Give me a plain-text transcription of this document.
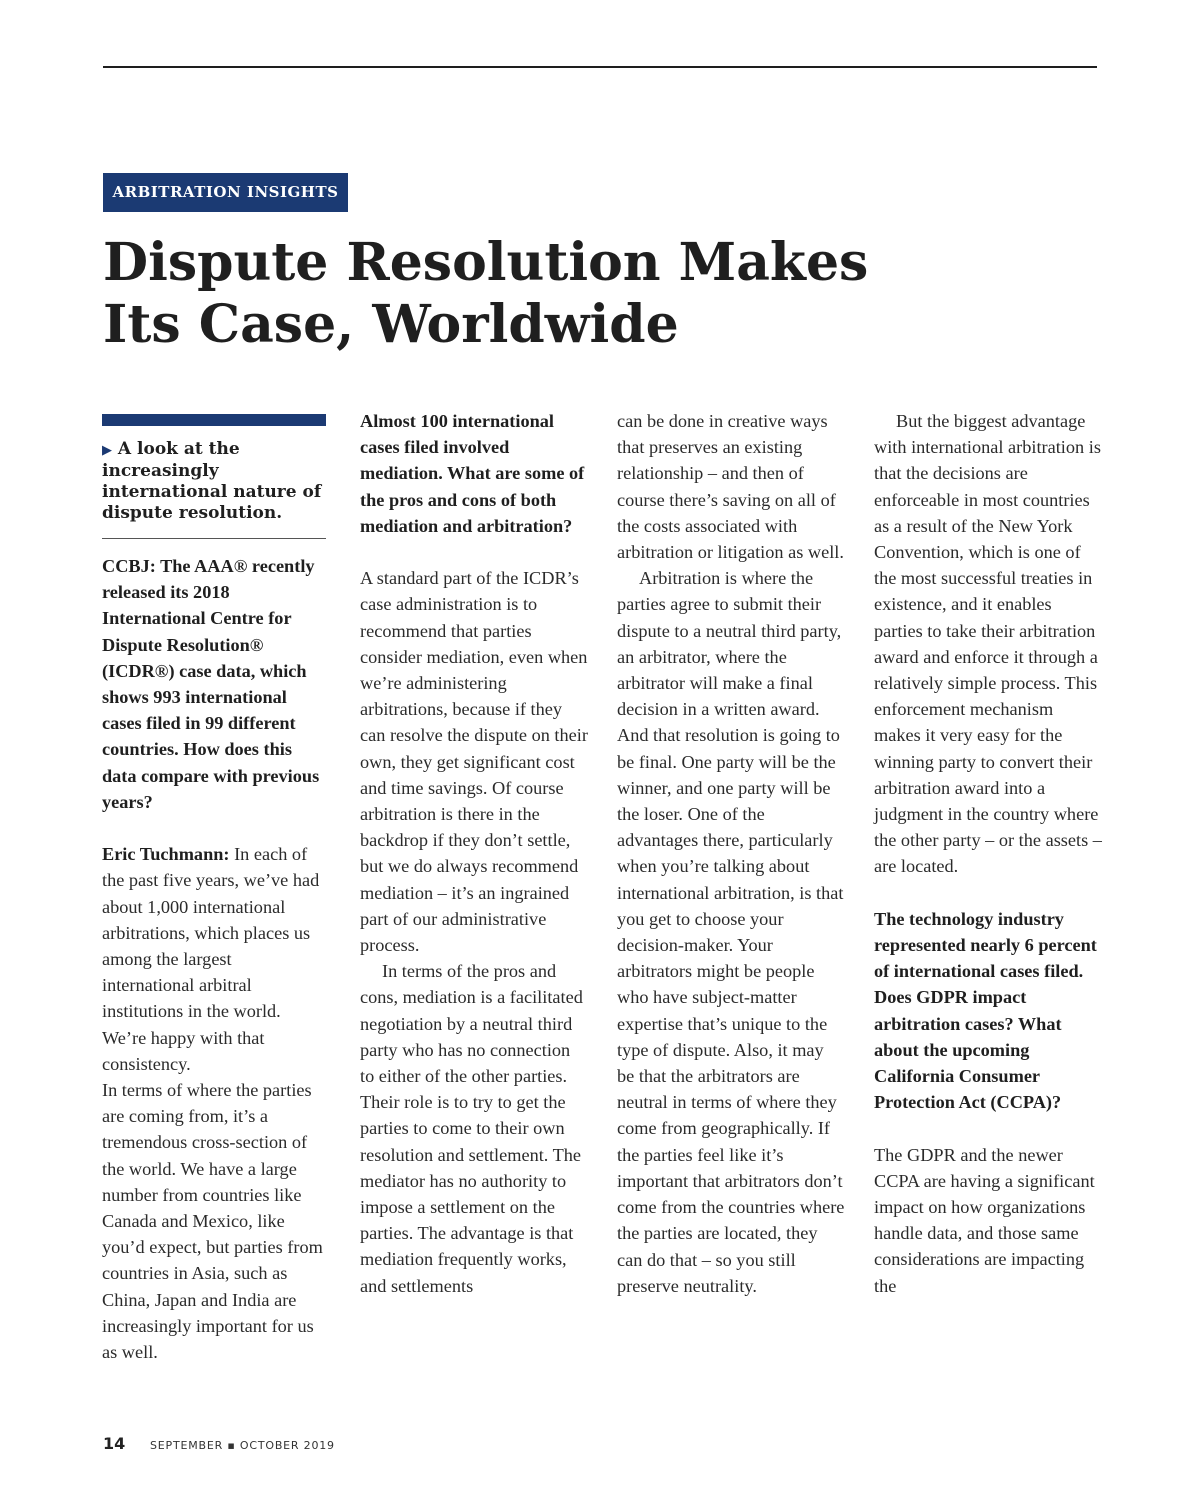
ARBITRATION INSIGHTS
Dispute Resolution Makes
Its Case, Worldwide
▶ A look at the increasingly international nature of dispute resolution.

CCBJ: The AAA® recently released its 2018 International Centre for Dispute Resolution® (ICDR®) case data, which shows 993 international cases filed in 99 different countries. How does this data compare with previous years?

Eric Tuchmann: In each of the past five years, we’ve had about 1,000 international arbitrations, which places us among the largest international arbitral institutions in the world. We’re happy with that consistency.

In terms of where the parties are coming from, it’s a tremendous cross-section of the world. We have a large number from countries like Canada and Mexico, like you’d expect, but parties from countries in Asia, such as China, Japan and India are increasingly important for us as well.

Almost 100 international cases filed involved mediation. What are some of the pros and cons of both mediation and arbitration?

A standard part of the ICDR’s case administration is to recommend that parties consider mediation, even when we’re administering arbitrations, because if they can resolve the dispute on their own, they get significant cost and time savings. Of course arbitration is there in the backdrop if they don’t settle, but we do always recommend mediation – it’s an ingrained part of our administrative process.

In terms of the pros and cons, mediation is a facilitated negotiation by a neutral third party who has no connection to either of the other parties. Their role is to try to get the parties to come to their own resolution and settlement. The mediator has no authority to impose a settlement on the parties. The advantage is that mediation frequently works, and settlements

can be done in creative ways that preserves an existing relationship – and then of course there’s saving on all of the costs associated with arbitration or litigation as well.

Arbitration is where the parties agree to submit their dispute to a neutral third party, an arbitrator, where the arbitrator will make a final decision in a written award. And that resolution is going to be final. One party will be the winner, and one party will be the loser. One of the advantages there, particularly when you’re talking about international arbitration, is that you get to choose your decision-maker. Your arbitrators might be people who have subject-matter expertise that’s unique to the type of dispute. Also, it may be that the arbitrators are neutral in terms of where they come from geographically. If the parties feel like it’s important that arbitrators don’t come from the countries where the parties are located, they can do that – so you still preserve neutrality.

But the biggest advantage with international arbitration is that the decisions are enforceable in most countries as a result of the New York Convention, which is one of the most successful treaties in existence, and it enables parties to take their arbitration award and enforce it through a relatively simple process. This enforcement mechanism makes it very easy for the winning party to convert their arbitration award into a judgment in the country where the other party – or the assets – are located.

The technology industry represented nearly 6 percent of international cases filed. Does GDPR impact arbitration cases? What about the upcoming California Consumer Protection Act (CCPA)?

The GDPR and the newer CCPA are having a significant impact on how organizations handle data, and those same considerations are impacting the

14 SEPTEMBER ▪ OCTOBER 2019
